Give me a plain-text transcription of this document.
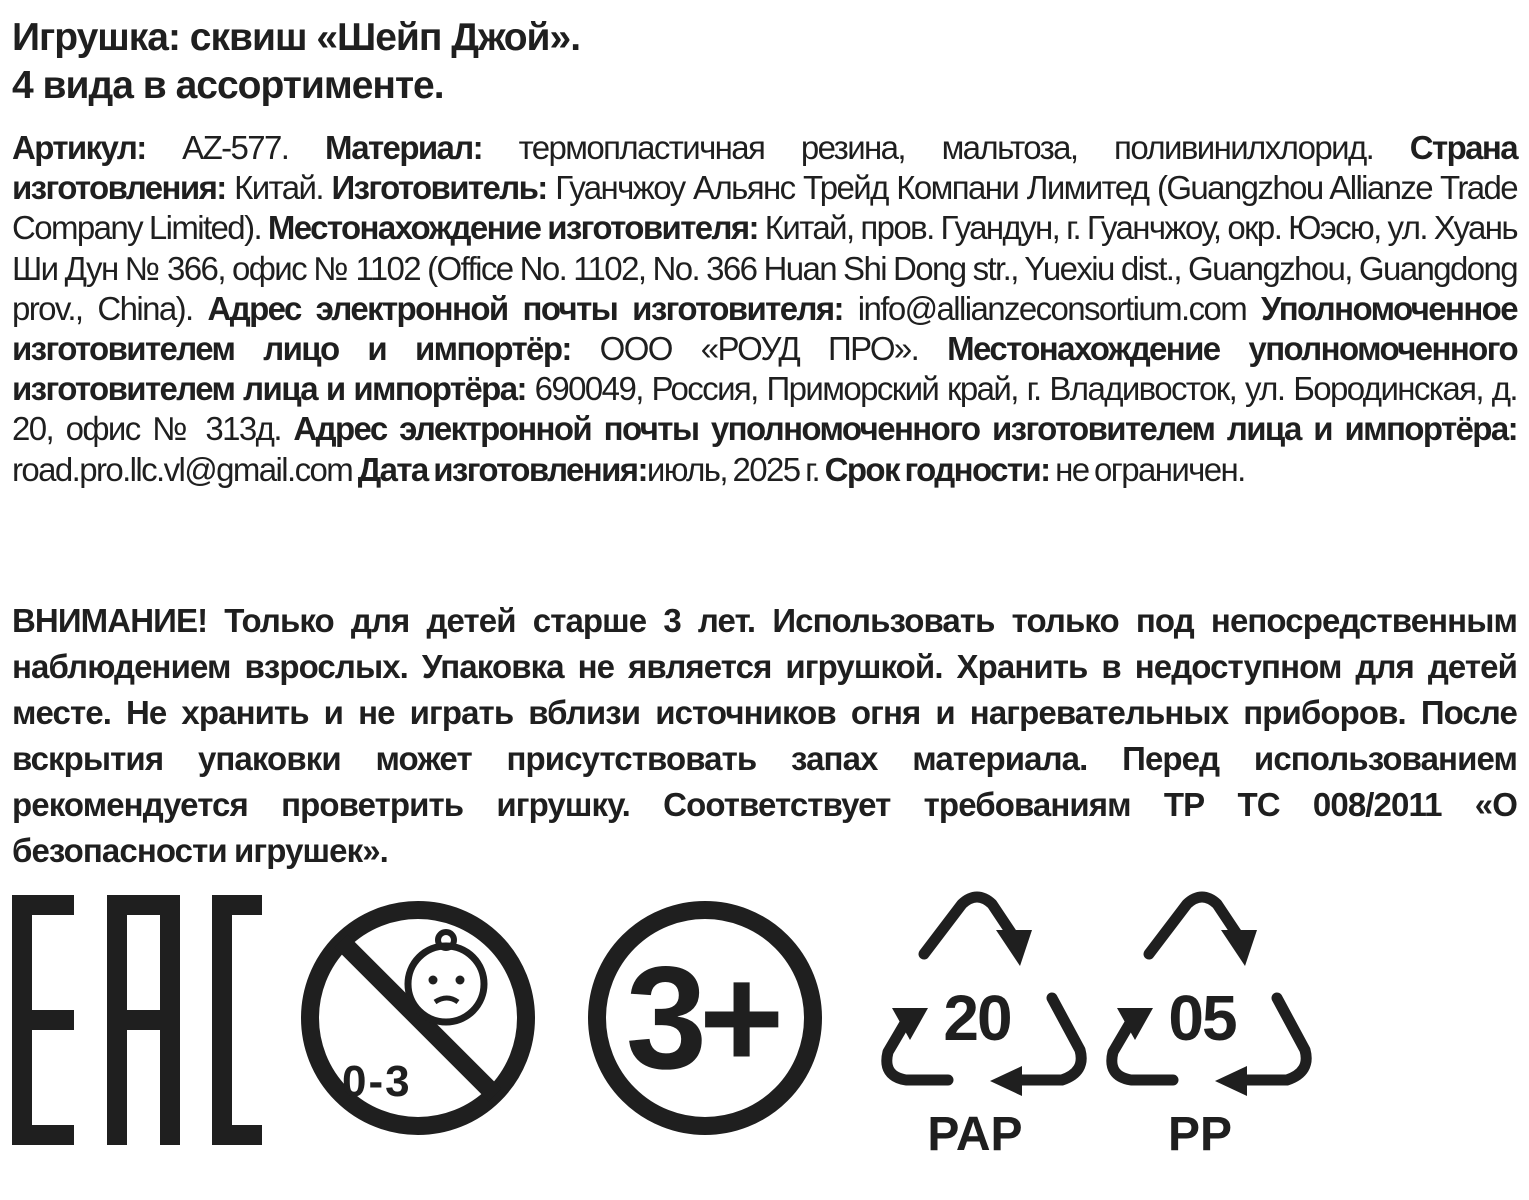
Игрушка: сквиш «Шейп Джой».
4 вида в ассортименте.
Артикул: AZ-577. Материал: термопластичная резина, мальтоза, поливинилхлорид. Страна изготовления: Китай. Изготовитель: Гуанчжоу Альянс Трейд Компани Лимитед (Guangzhou Allianze Trade Company Limited). Местонахождение изготовителя: Китай, пров. Гуандун, г. Гуанчжоу, окр. Юэсю, ул. Хуань Ши Дун № 366, офис № 1102 (Office No. 1102, No. 366 Huan Shi Dong str., Yuexiu dist., Guangzhou, Guangdong prov., China). Адрес электронной почты изготовителя: info@allianzeconsortium.com Уполномоченное изготовителем лицо и импортёр: ООО «РОУД ПРО». Местонахождение уполномоченного изготовителем лица и импортёра: 690049, Россия, Приморский край, г. Владивосток, ул. Бородинская, д. 20, офис № 313д. Адрес электронной почты уполномоченного изготовителем лица и импортёра: road.pro.llc.vl@gmail.com Дата изготовления:июль, 2025 г. Срок годности: не ограничен.
ВНИМАНИЕ! Только для детей старше 3 лет. Использовать только под непосредственным наблюдением взрослых. Упаковка не является игрушкой. Хранить в недоступном для детей месте. Не хранить и не играть вблизи источников огня и нагревательных приборов. После вскрытия упаковки может присутствовать запах материала. Перед использованием рекомендуется проветрить игрушку. Соответствует требованиям ТР ТС 008/2011 «О безопасности игрушек».
0-3 3+	20
PAP
05
PP
